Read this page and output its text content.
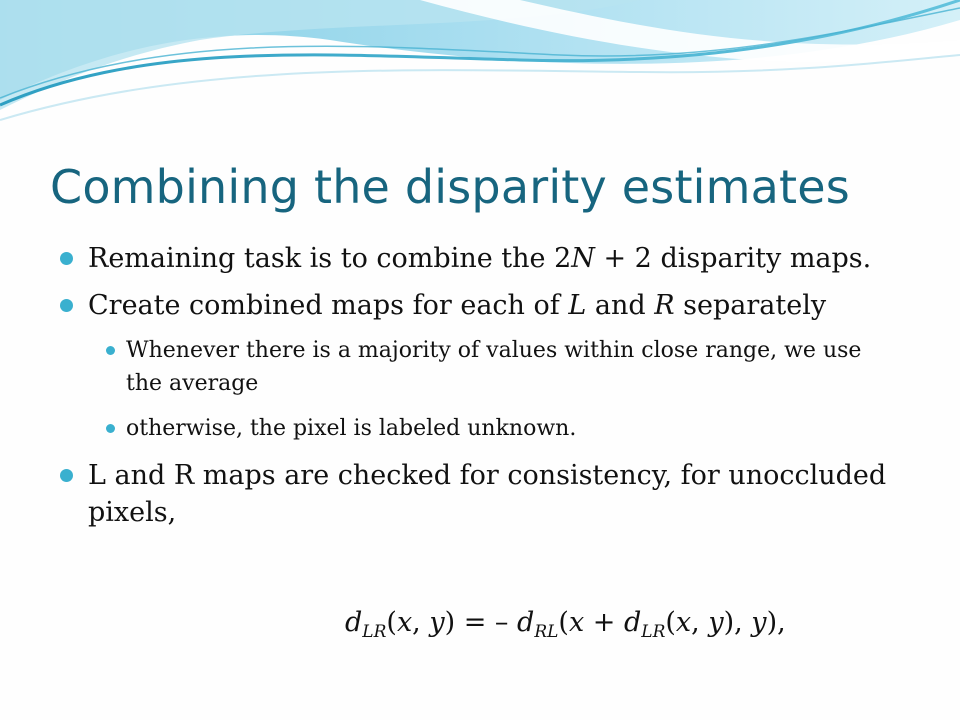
Combining the disparity estimates
Remaining task is to combine the 2N + 2 disparity maps.
Create combined maps for each of L and R separately
Whenever there is a majority of values within close range, we use the average
otherwise, the pixel is labeled unknown.
L and R maps are checked for consistency, for unoccluded pixels,
$d_{LR}(x$, y) = – $d_{RL}(x + d_{LR}(x$, y), y),
